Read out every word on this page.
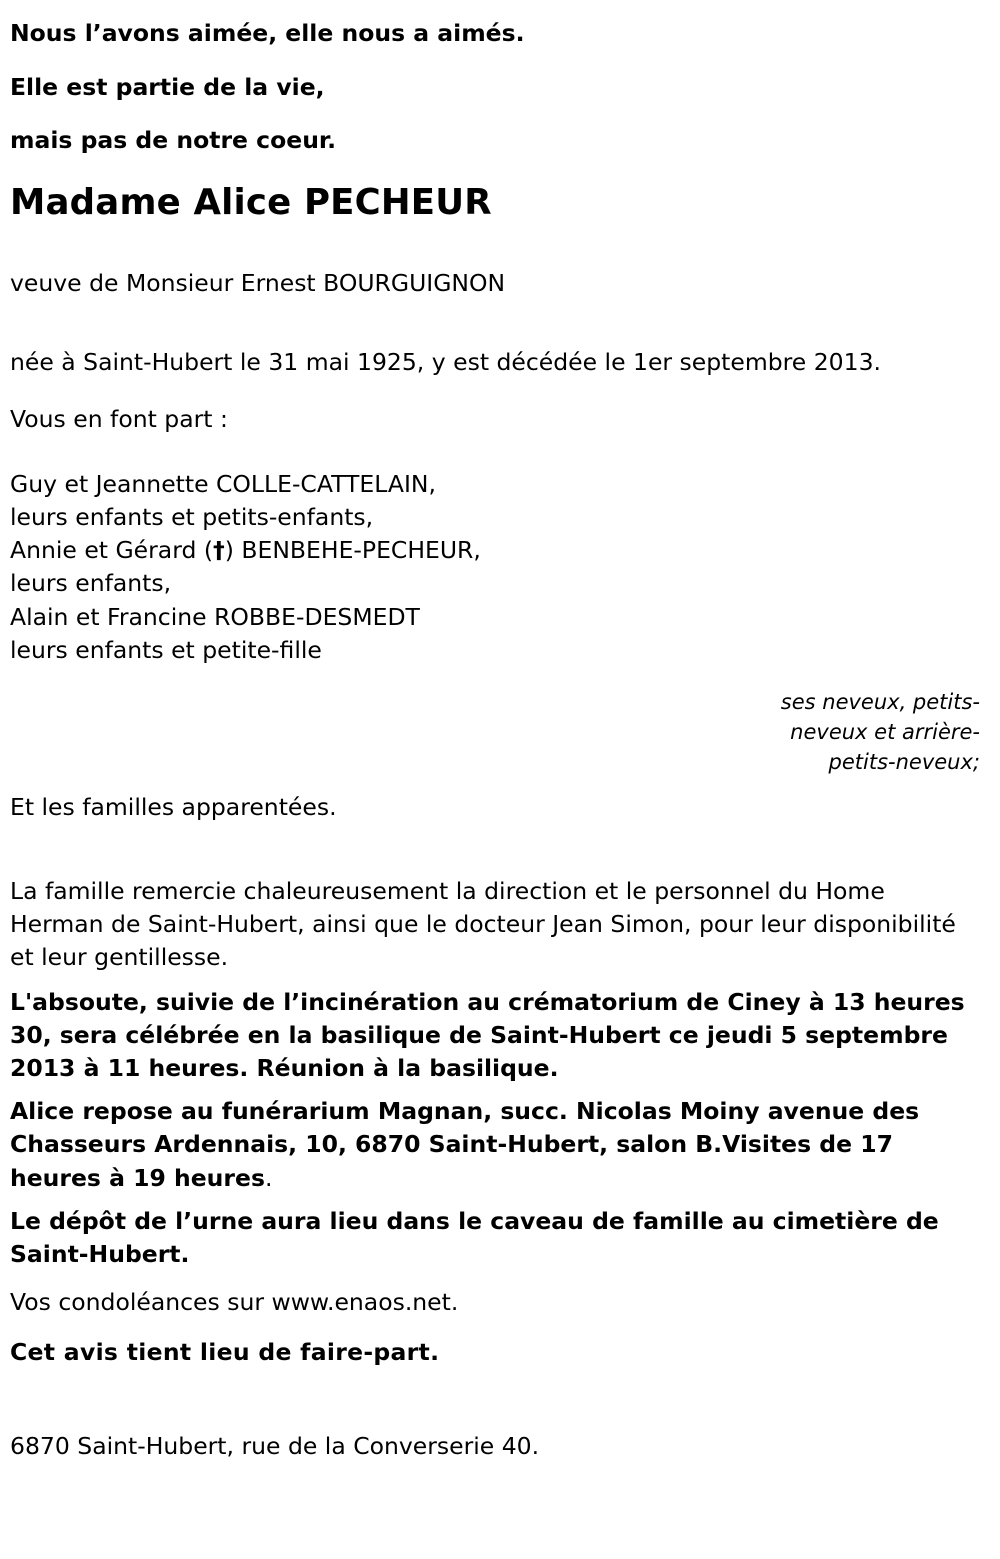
Nous l’avons aimée, elle nous a aimés.

Elle est partie de la vie,

mais pas de notre coeur.

Madame Alice PECHEUR

veuve de Monsieur Ernest BOURGUIGNON

née à Saint-Hubert le 31 mai 1925, y est décédée le 1er septembre 2013.

Vous en font part :

Guy et Jeannette COLLE-CATTELAIN,
leurs enfants et petits-enfants,
Annie et Gérard (†) BENBEHE-PECHEUR,
leurs enfants,
Alain et Francine ROBBE-DESMEDT
leurs enfants et petite-fille
ses neveux, petits-neveux et arrière-petits-neveux;

Et les familles apparentées.

La famille remercie chaleureusement la direction et le personnel du Home Herman de Saint-Hubert, ainsi que le docteur Jean Simon, pour leur disponibilité et leur gentillesse.

L'absoute, suivie de l’incinération au crématorium de Ciney à 13 heures 30, sera célébrée en la basilique de Saint-Hubert ce jeudi 5 septembre 2013 à 11 heures. Réunion à la basilique.

Alice repose au funérarium Magnan, succ. Nicolas Moiny avenue des Chasseurs Ardennais, 10, 6870 Saint-Hubert, salon B.Visites de 17 heures à 19 heures.

Le dépôt de l’urne aura lieu dans le caveau de famille au cimetière de Saint-Hubert.

Vos condoléances sur www.enaos.net.

Cet avis tient lieu de faire-part.

6870 Saint-Hubert, rue de la Converserie 40.
